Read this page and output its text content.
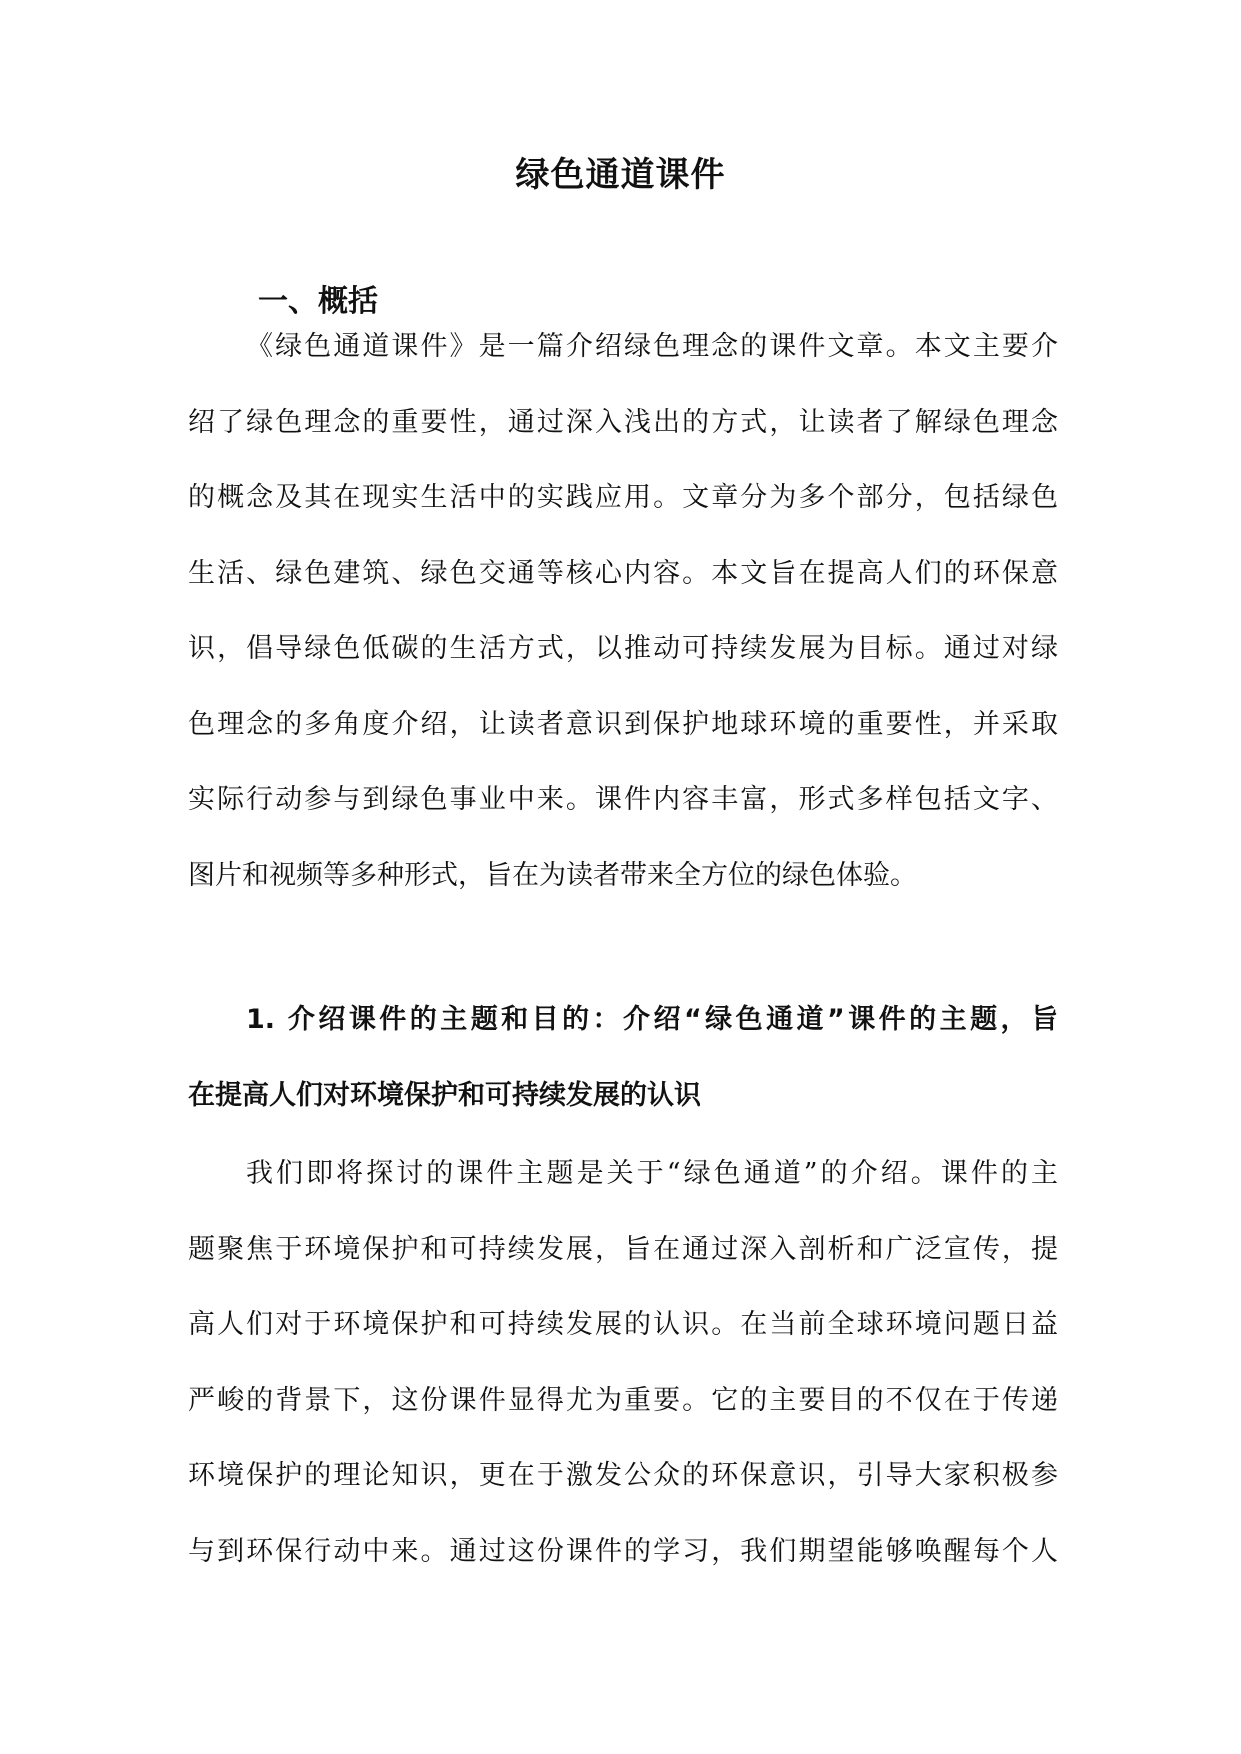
绿色通道课件
一、概括

《绿色通道课件》是一篇介绍绿色理念的课件文章。本文主要介
绍了绿色理念的重要性，通过深入浅出的方式，让读者了解绿色理念
的概念及其在现实生活中的实践应用。文章分为多个部分，包括绿色
生活、绿色建筑、绿色交通等核心内容。本文旨在提高人们的环保意
识，倡导绿色低碳的生活方式，以推动可持续发展为目标。通过对绿
色理念的多角度介绍，让读者意识到保护地球环境的重要性，并采取
实际行动参与到绿色事业中来。课件内容丰富，形式多样包括文字、
图片和视频等多种形式，旨在为读者带来全方位的绿色体验。

1. 介绍课件的主题和目的：介绍“绿色通道”课件的主题，旨
在提高人们对环境保护和可持续发展的认识

我们即将探讨的课件主题是关于“绿色通道”的介绍。课件的主
题聚焦于环境保护和可持续发展，旨在通过深入剖析和广泛宣传，提
高人们对于环境保护和可持续发展的认识。在当前全球环境问题日益
严峻的背景下，这份课件显得尤为重要。它的主要目的不仅在于传递
环境保护的理论知识，更在于激发公众的环保意识，引导大家积极参
与到环保行动中来。通过这份课件的学习，我们期望能够唤醒每个人
